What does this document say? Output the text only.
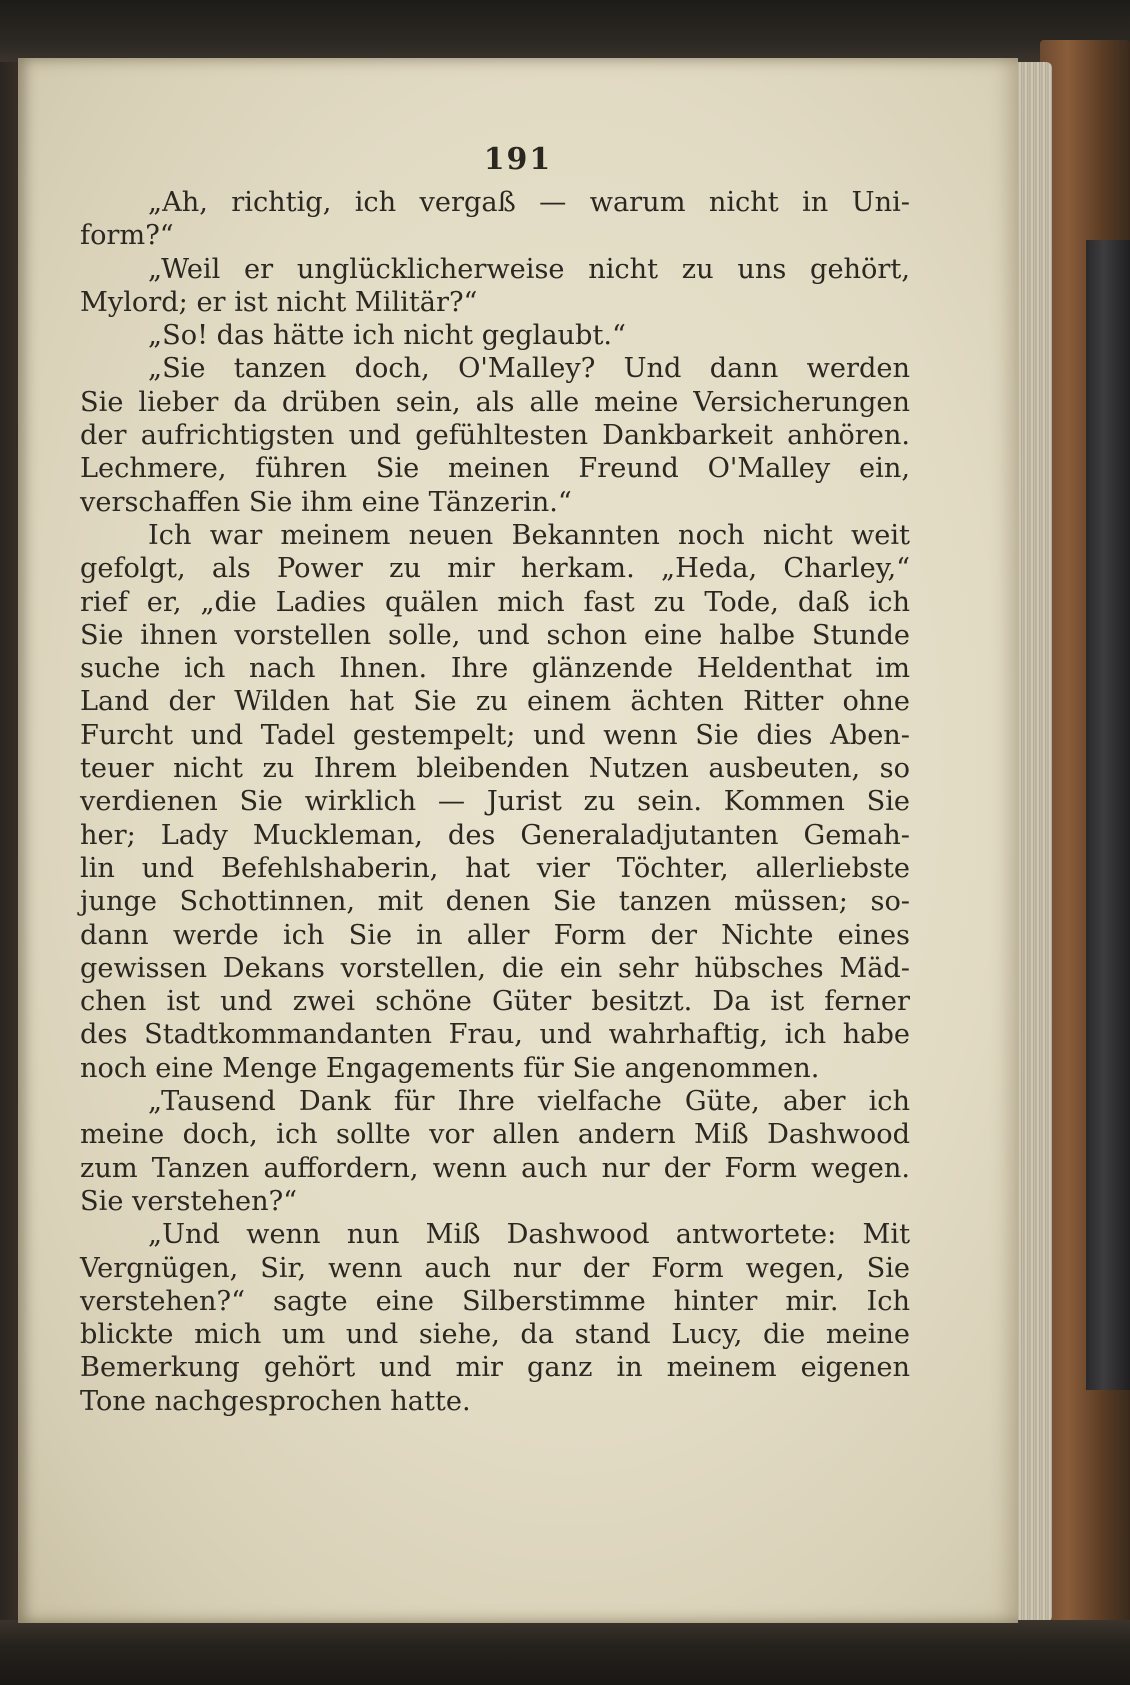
191
„Ah, richtig, ich vergaß — warum nicht in Uni-
form?“
„Weil er unglücklicherweise nicht zu uns gehört,
Mylord; er ist nicht Militär?“
„So! das hätte ich nicht geglaubt.“
„Sie tanzen doch, O'Malley? Und dann werden
Sie lieber da drüben sein, als alle meine Versicherungen
der aufrichtigsten und gefühltesten Dankbarkeit anhören.
Lechmere, führen Sie meinen Freund O'Malley ein,
verschaffen Sie ihm eine Tänzerin.“
Ich war meinem neuen Bekannten noch nicht weit
gefolgt, als Power zu mir herkam. „Heda, Charley,“
rief er, „die Ladies quälen mich fast zu Tode, daß ich
Sie ihnen vorstellen solle, und schon eine halbe Stunde
suche ich nach Ihnen. Ihre glänzende Heldenthat im
Land der Wilden hat Sie zu einem ächten Ritter ohne
Furcht und Tadel gestempelt; und wenn Sie dies Aben-
teuer nicht zu Ihrem bleibenden Nutzen ausbeuten, so
verdienen Sie wirklich — Jurist zu sein. Kommen Sie
her; Lady Muckleman, des Generaladjutanten Gemah-
lin und Befehlshaberin, hat vier Töchter, allerliebste
junge Schottinnen, mit denen Sie tanzen müssen; so-
dann werde ich Sie in aller Form der Nichte eines
gewissen Dekans vorstellen, die ein sehr hübsches Mäd-
chen ist und zwei schöne Güter besitzt. Da ist ferner
des Stadtkommandanten Frau, und wahrhaftig, ich habe
noch eine Menge Engagements für Sie angenommen.
„Tausend Dank für Ihre vielfache Güte, aber ich
meine doch, ich sollte vor allen andern Miß Dashwood
zum Tanzen auffordern, wenn auch nur der Form wegen.
Sie verstehen?“
„Und wenn nun Miß Dashwood antwortete: Mit
Vergnügen, Sir, wenn auch nur der Form wegen, Sie
verstehen?“ sagte eine Silberstimme hinter mir. Ich
blickte mich um und siehe, da stand Lucy, die meine
Bemerkung gehört und mir ganz in meinem eigenen
Tone nachgesprochen hatte.
